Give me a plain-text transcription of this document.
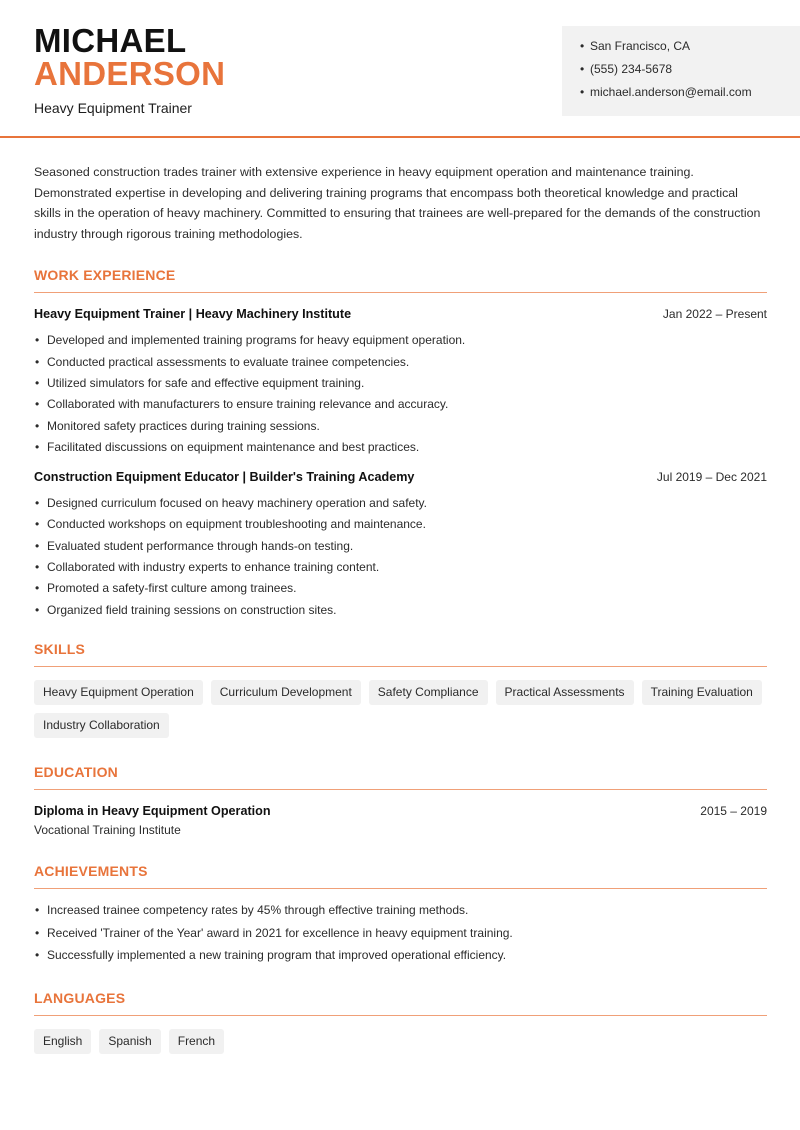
MICHAEL
ANDERSON
Heavy Equipment Trainer
• San Francisco, CA
• (555) 234-5678
• michael.anderson@email.com

Seasoned construction trades trainer with extensive experience in heavy equipment operation and maintenance training. Demonstrated expertise in developing and delivering training programs that encompass both theoretical knowledge and practical skills in the operation of heavy machinery. Committed to ensuring that trainees are well-prepared for the demands of the construction industry through rigorous training methodologies.

WORK EXPERIENCE
Heavy Equipment Trainer | Heavy Machinery Institute	Jan 2022 – Present
• Developed and implemented training programs for heavy equipment operation.
• Conducted practical assessments to evaluate trainee competencies.
• Utilized simulators for safe and effective equipment training.
• Collaborated with manufacturers to ensure training relevance and accuracy.
• Monitored safety practices during training sessions.
• Facilitated discussions on equipment maintenance and best practices.
Construction Equipment Educator | Builder's Training Academy	Jul 2019 – Dec 2021
• Designed curriculum focused on heavy machinery operation and safety.
• Conducted workshops on equipment troubleshooting and maintenance.
• Evaluated student performance through hands-on testing.
• Collaborated with industry experts to enhance training content.
• Promoted a safety-first culture among trainees.
• Organized field training sessions on construction sites.
SKILLS
Heavy Equipment Operation	Curriculum Development	Safety Compliance	Practical Assessments	Training Evaluation
Industry Collaboration
EDUCATION
Diploma in Heavy Equipment Operation	2015 – 2019
Vocational Training Institute
ACHIEVEMENTS
• Increased trainee competency rates by 45% through effective training methods.
• Received 'Trainer of the Year' award in 2021 for excellence in heavy equipment training.
• Successfully implemented a new training program that improved operational efficiency.
LANGUAGES
English	Spanish	French
